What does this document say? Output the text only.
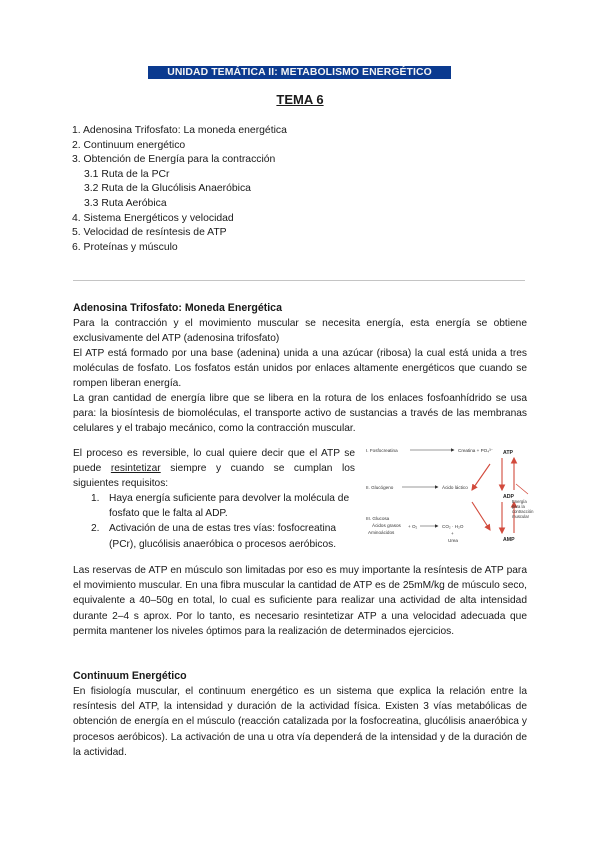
UNIDAD TEMÁTICA II: METABOLISMO ENERGÉTICO
TEMA 6
1. Adenosina Trifosfato: La moneda energética
2. Continuum energético
3. Obtención de Energía para la contracción
3.1 Ruta de la PCr
3.2 Ruta de la Glucólisis Anaeróbica
3.3 Ruta Aeróbica
4. Sistema Energéticos y velocidad
5. Velocidad de resíntesis de ATP
6. Proteínas y músculo
Adenosina Trifosfato: Moneda Energética

Para la contracción y el movimiento muscular se necesita energía, esta energía se obtiene exclusivamente del ATP (adenosina trifosfato)

El ATP está formado por una base (adenina) unida a una azúcar (ribosa) la cual está unida a tres moléculas de fosfato. Los fosfatos están unidos por enlaces altamente energéticos que cuando se rompen liberan energía.

La gran cantidad de energía libre que se libera en la rotura de los enlaces fosfoanhídrido se usa para: la biosíntesis de biomoléculas, el transporte activo de sustancias a través de las membranas celulares y el trabajo mecánico, como la contracción muscular.

El proceso es reversible, lo cual quiere decir que el ATP se puede resintetizar siempre y cuando se cumplan los siguientes requisitos:

1. Haya energía suficiente para devolver la molécula de fosfato que le falta al ADP.
2. Activación de una de estas tres vías: fosfocreatina (PCr), glucólisis anaeróbica o procesos aeróbicos.
I. Fosfocreatina	Creatina + PO₄³⁻
II. Glucógeno	Ácido láctico
III. Glucosa
Ácidos grasos
Aminoácidos
+ O₂	CO₂ · H₂O
+
Urea
ATP
ADP
AMP
Energía
para la
contracción
muscular

Las reservas de ATP en músculo son limitadas por eso es muy importante la resíntesis de ATP para el movimiento muscular. En una fibra muscular la cantidad de ATP es de 25mM/kg de músculo seco, equivalente a 40–50g en total, lo cual es suficiente para realizar una actividad de alta intensidad durante 2–4 s aprox. Por lo tanto, es necesario resintetizar ATP a una velocidad adecuada que permita mantener los niveles óptimos para la realización de determinados ejercicios.

Continuum Energético

En fisiología muscular, el continuum energético es un sistema que explica la relación entre la resíntesis del ATP, la intensidad y duración de la actividad física. Existen 3 vías metabólicas de obtención de energía en el músculo (reacción catalizada por la fosfocreatina, glucólisis anaeróbica y procesos aeróbicos). La activación de una u otra vía dependerá de la intensidad y de la duración de la actividad.
